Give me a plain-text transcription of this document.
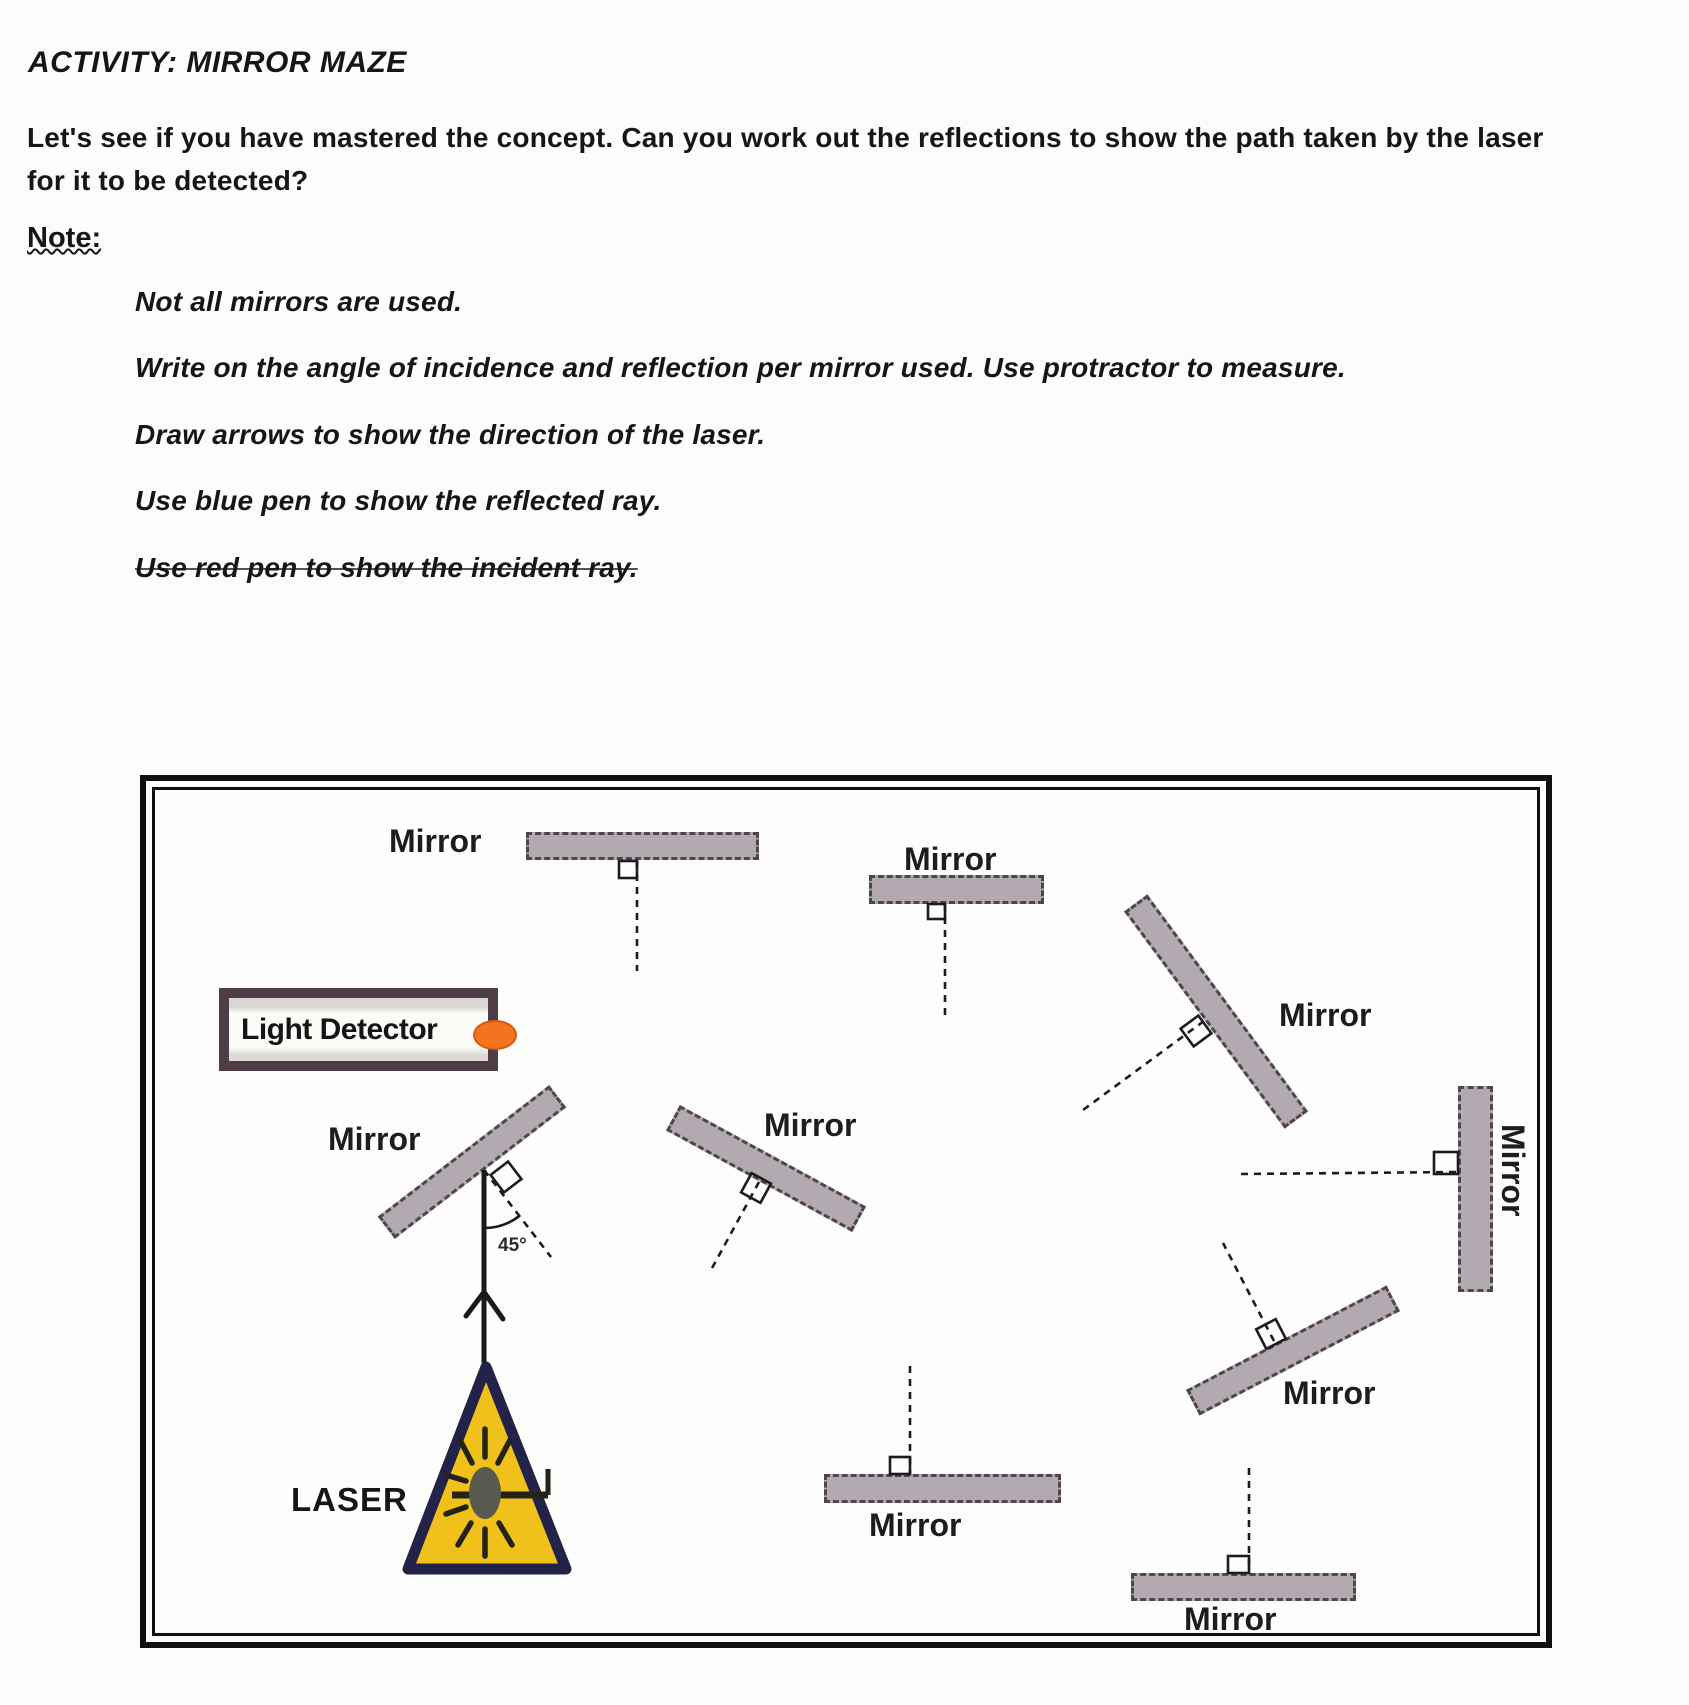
ACTIVITY: MIRROR MAZE
Let's see if you have mastered the concept. Can you work out the reflections to show the path taken by the laser for it to be detected?
Note:
Not all mirrors are used.
Write on the angle of incidence and reflection per mirror used. Use protractor to measure.
Draw arrows to show the direction of the laser.
Use blue pen to show the reflected ray.
Use red pen to show the incident ray.
Light Detector
Mirror	Mirror
Mirror
Mirror
Mirror	Mirror
Mirror
Mirror
Mirror
LASER
45°
